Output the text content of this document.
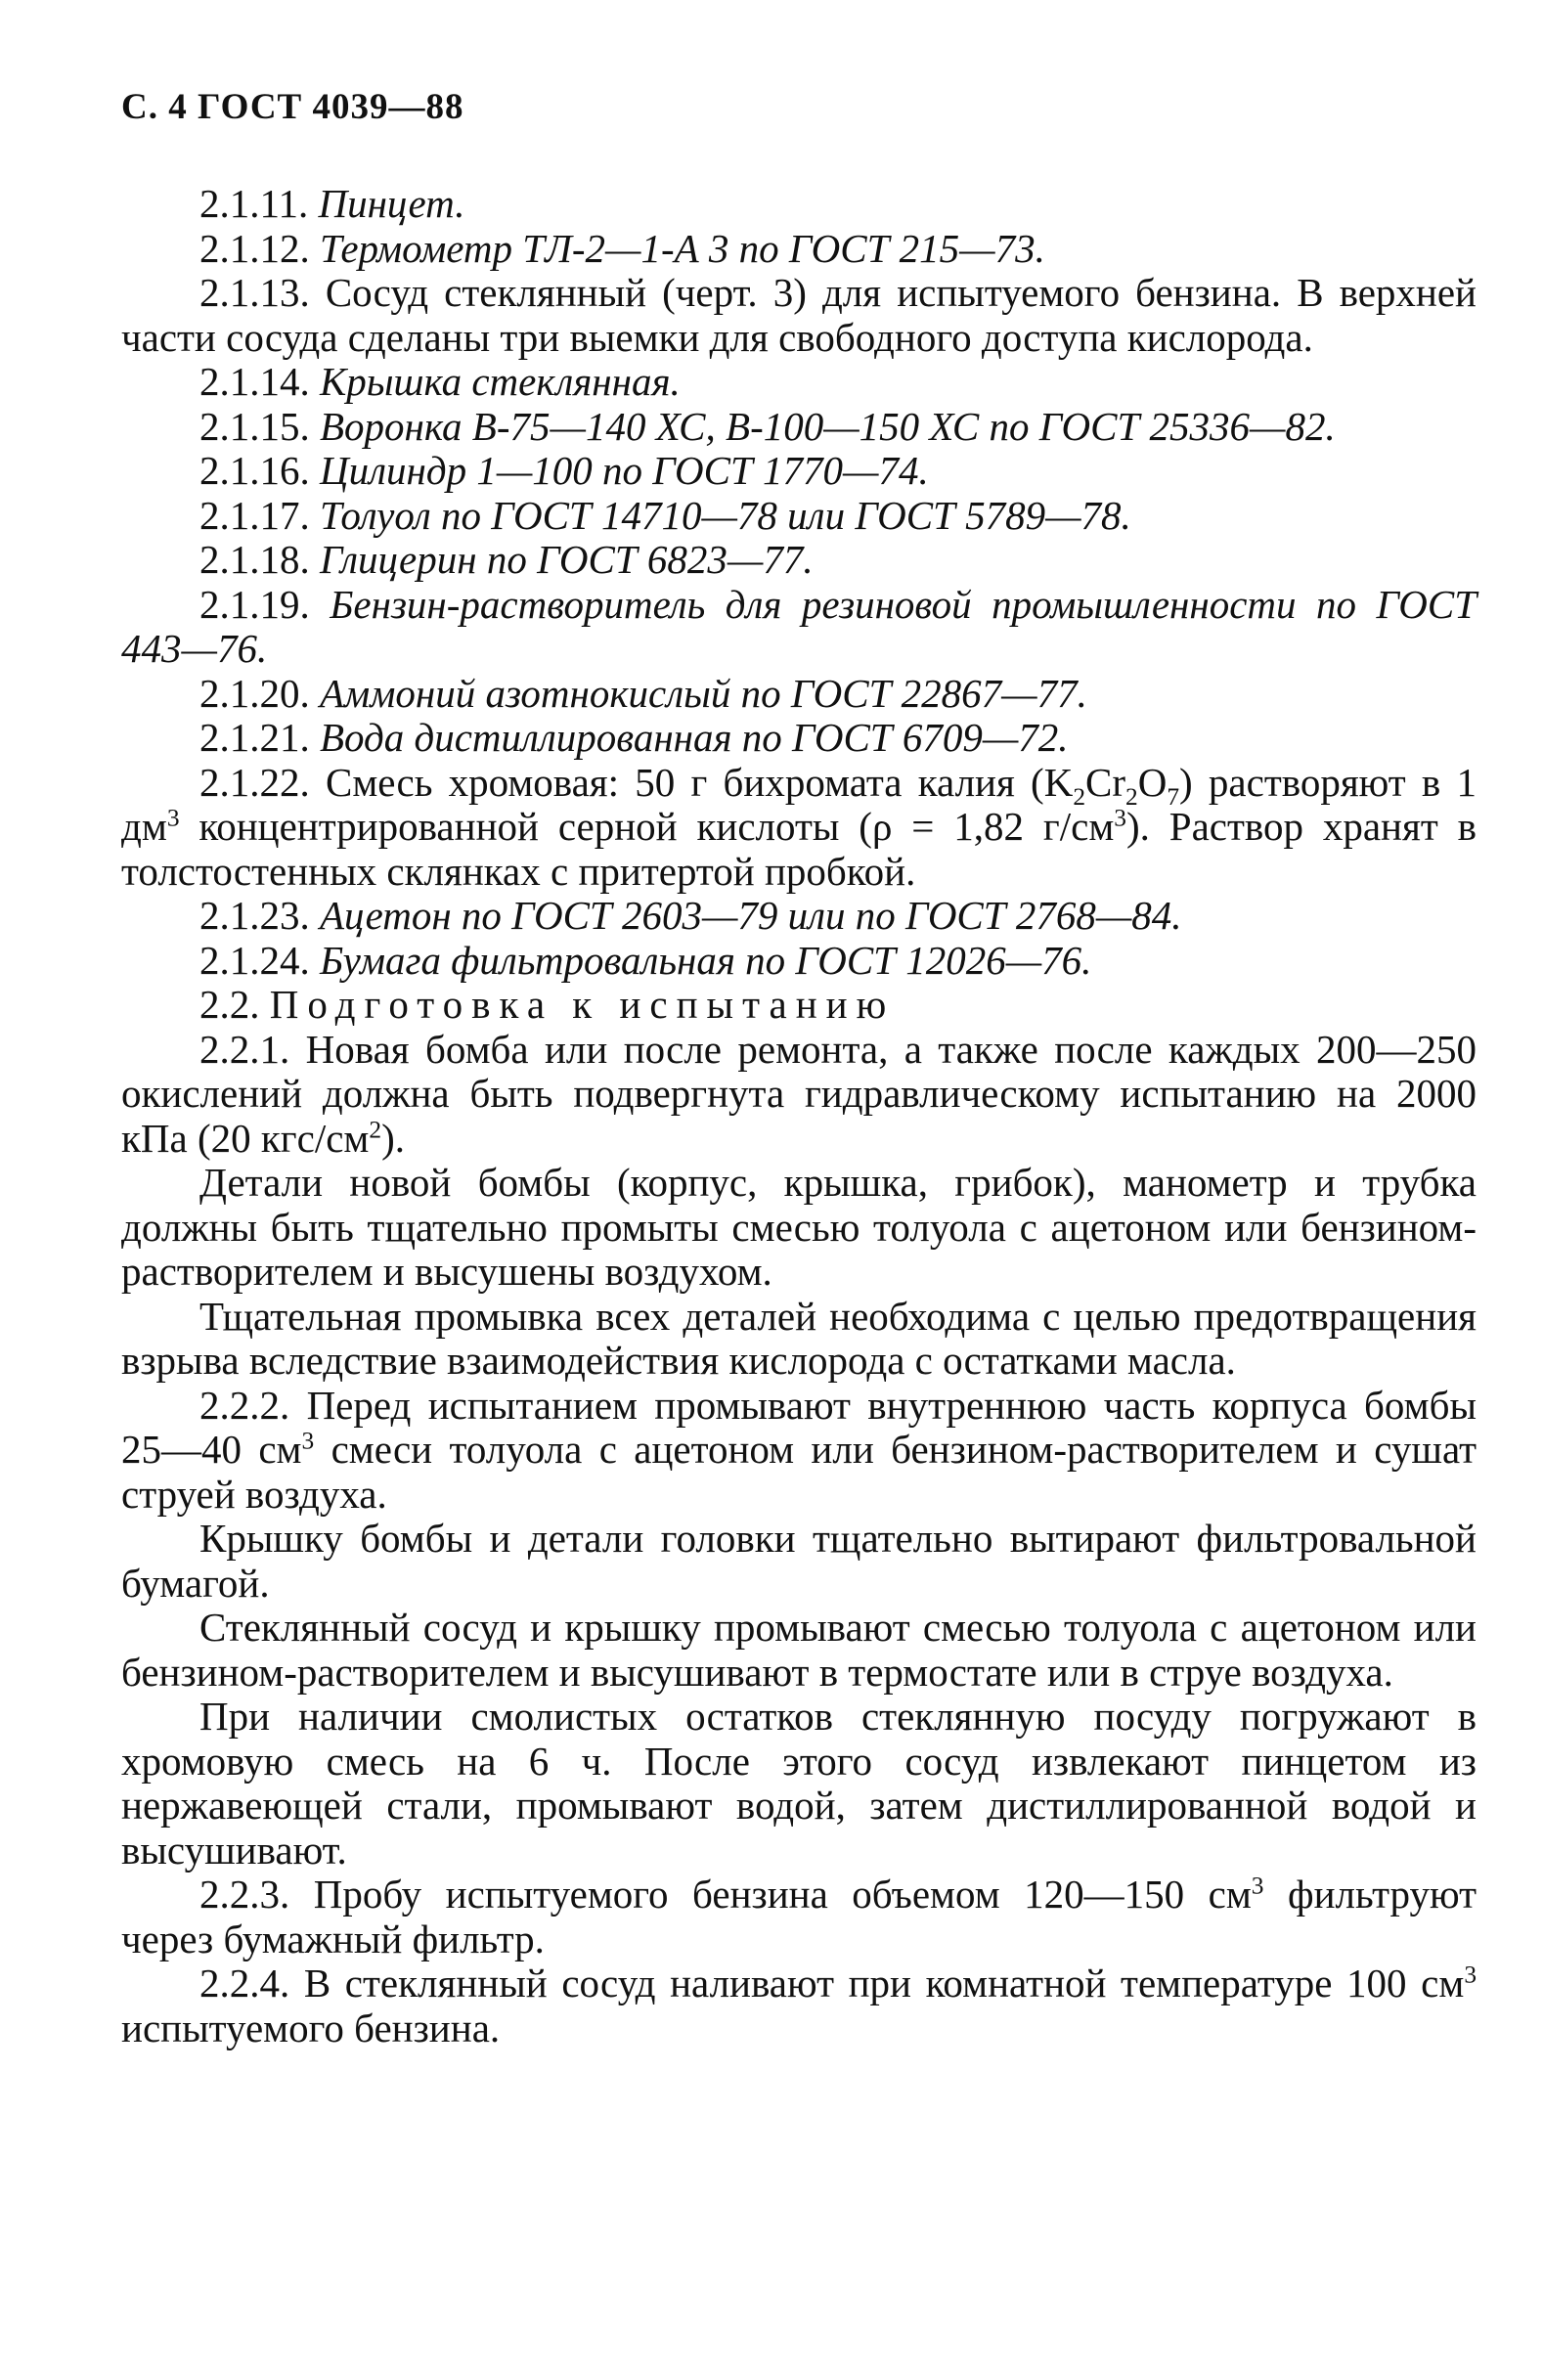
С. 4 ГОСТ 4039—88

2.1.11. Пинцет.

2.1.12. Термометр ТЛ-2—1-А 3 по ГОСТ 215—73.

2.1.13. Сосуд стеклянный (черт. 3) для испытуемого бензина. В верхней части сосуда сделаны три выемки для свободного доступа кислорода.

2.1.14. Крышка стеклянная.

2.1.15. Воронка В-75—140 ХС, В-100—150 ХС по ГОСТ 25336—82.

2.1.16. Цилиндр 1—100 по ГОСТ 1770—74.

2.1.17. Толуол по ГОСТ 14710—78 или ГОСТ 5789—78.

2.1.18. Глицерин по ГОСТ 6823—77.

2.1.19. Бензин-растворитель для резиновой промышленности по ГОСТ 443—76.

2.1.20. Аммоний азотнокислый по ГОСТ 22867—77.

2.1.21. Вода дистиллированная по ГОСТ 6709—72.

2.1.22. Смесь хромовая: 50 г бихромата калия $(K_2Cr_2O_7)$ растворяют в 1 $дм^3$ концентрированной серной кислоты (ρ = 1,82 $г/см^3$). Раствор хранят в толстостенных склянках с притертой пробкой.

2.1.23. Ацетон по ГОСТ 2603—79 или по ГОСТ 2768—84.

2.1.24. Бумага фильтровальная по ГОСТ 12026—76.

2.2. Подготовка к испытанию

2.2.1. Новая бомба или после ремонта, а также после каждых 200—250 окислений должна быть подвергнута гидравлическому испытанию на 2000 кПа (20 кгс/$см^2$).

Детали новой бомбы (корпус, крышка, грибок), манометр и трубка должны быть тщательно промыты смесью толуола с ацетоном или бензином-растворителем и высушены воздухом.

Тщательная промывка всех деталей необходима с целью предотвращения взрыва вследствие взаимодействия кислорода с остатками масла.

2.2.2. Перед испытанием промывают внутреннюю часть корпуса бомбы 25—40 $см^3$ смеси толуола с ацетоном или бензином-растворителем и сушат струей воздуха.

Крышку бомбы и детали головки тщательно вытирают фильтровальной бумагой.

Стеклянный сосуд и крышку промывают смесью толуола с ацетоном или бензином-растворителем и высушивают в термостате или в струе воздуха.

При наличии смолистых остатков стеклянную посуду погружают в хромовую смесь на 6 ч. После этого сосуд извлекают пинцетом из нержавеющей стали, промывают водой, затем дистиллированной водой и высушивают.

2.2.3. Пробу испытуемого бензина объемом 120—150 $см^3$ фильтруют через бумажный фильтр.

2.2.4. В стеклянный сосуд наливают при комнатной температуре 100 $см^3$ испытуемого бензина.
